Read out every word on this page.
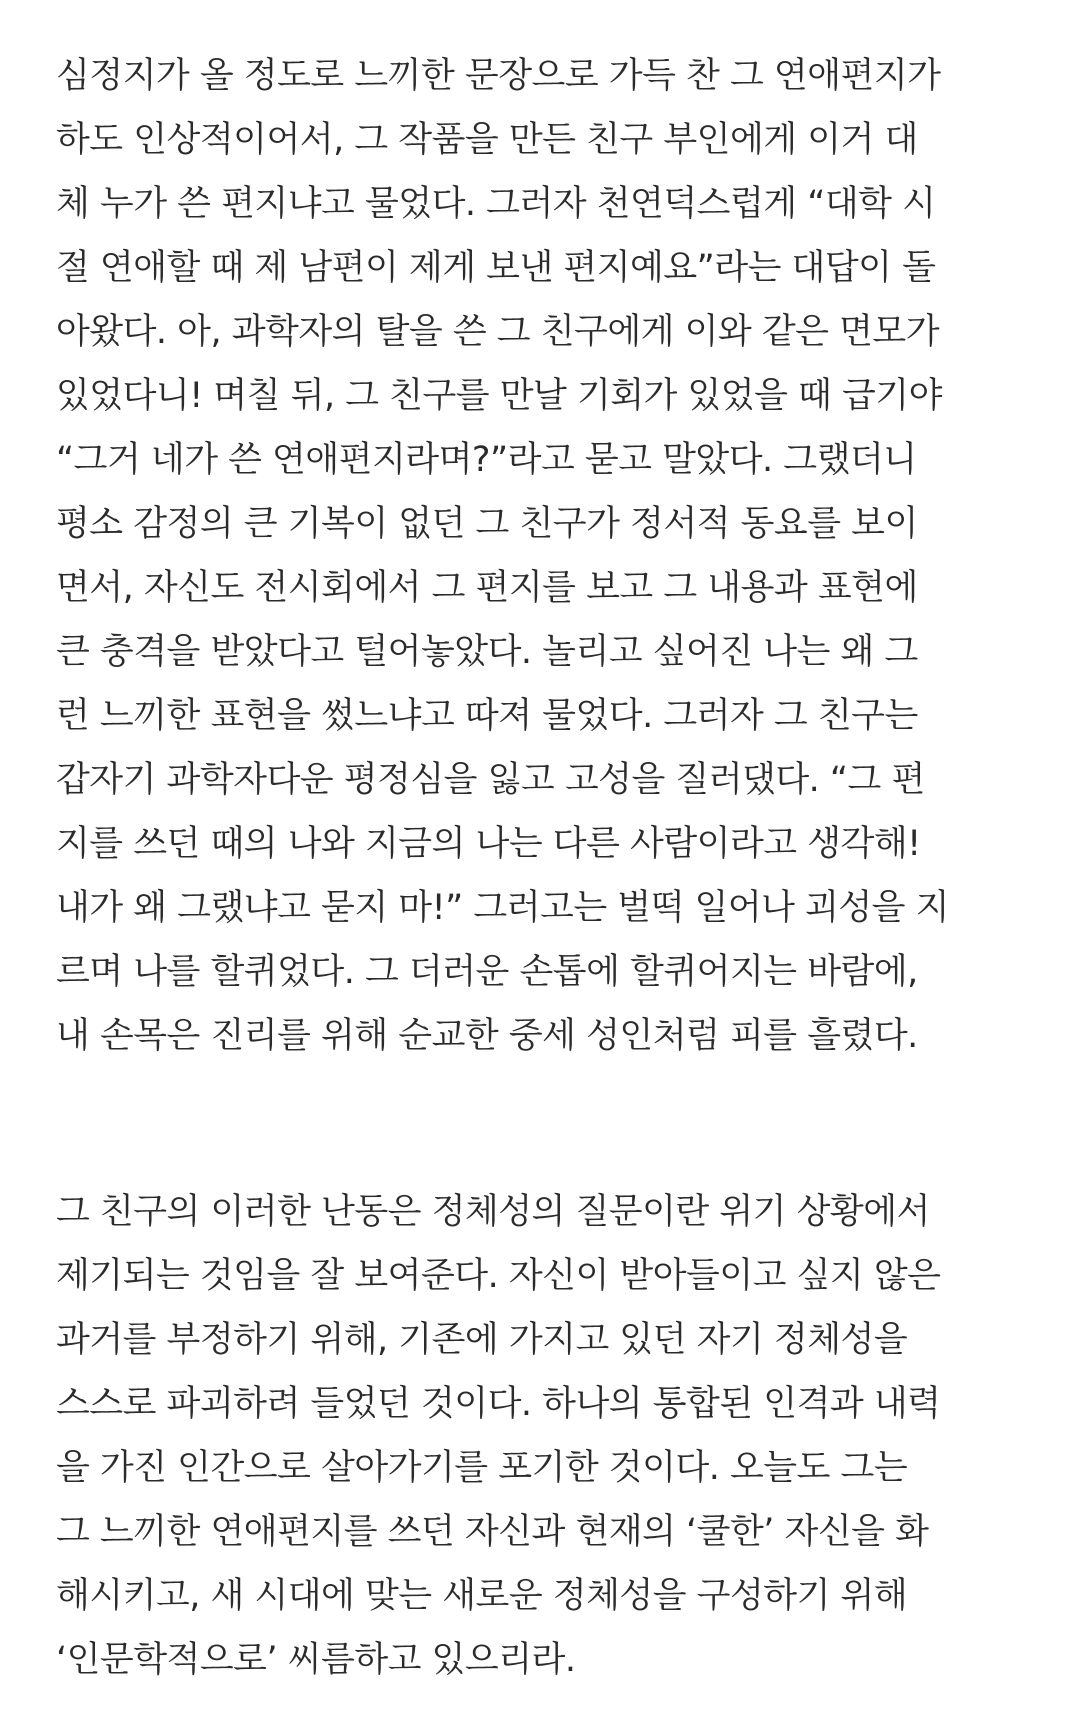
심정지가 올 정도로 느끼한 문장으로 가득 찬 그 연애편지가
하도 인상적이어서, 그 작품을 만든 친구 부인에게 이거 대
체 누가 쓴 편지냐고 물었다. 그러자 천연덕스럽게 “대학 시
절 연애할 때 제 남편이 제게 보낸 편지예요”라는 대답이 돌
아왔다. 아, 과학자의 탈을 쓴 그 친구에게 이와 같은 면모가
있었다니! 며칠 뒤, 그 친구를 만날 기회가 있었을 때 급기야
“그거 네가 쓴 연애편지라며?”라고 묻고 말았다. 그랬더니
평소 감정의 큰 기복이 없던 그 친구가 정서적 동요를 보이
면서, 자신도 전시회에서 그 편지를 보고 그 내용과 표현에
큰 충격을 받았다고 털어놓았다. 놀리고 싶어진 나는 왜 그
런 느끼한 표현을 썼느냐고 따져 물었다. 그러자 그 친구는
갑자기 과학자다운 평정심을 잃고 고성을 질러댔다. “그 편
지를 쓰던 때의 나와 지금의 나는 다른 사람이라고 생각해!
내가 왜 그랬냐고 묻지 마!” 그러고는 벌떡 일어나 괴성을 지
르며 나를 할퀴었다. 그 더러운 손톱에 할퀴어지는 바람에,
내 손목은 진리를 위해 순교한 중세 성인처럼 피를 흘렸다.

그 친구의 이러한 난동은 정체성의 질문이란 위기 상황에서
제기되는 것임을 잘 보여준다. 자신이 받아들이고 싶지 않은
과거를 부정하기 위해, 기존에 가지고 있던 자기 정체성을
스스로 파괴하려 들었던 것이다. 하나의 통합된 인격과 내력
을 가진 인간으로 살아가기를 포기한 것이다. 오늘도 그는
그 느끼한 연애편지를 쓰던 자신과 현재의 ‘쿨한’ 자신을 화
해시키고, 새 시대에 맞는 새로운 정체성을 구성하기 위해
‘인문학적으로’ 씨름하고 있으리라.
